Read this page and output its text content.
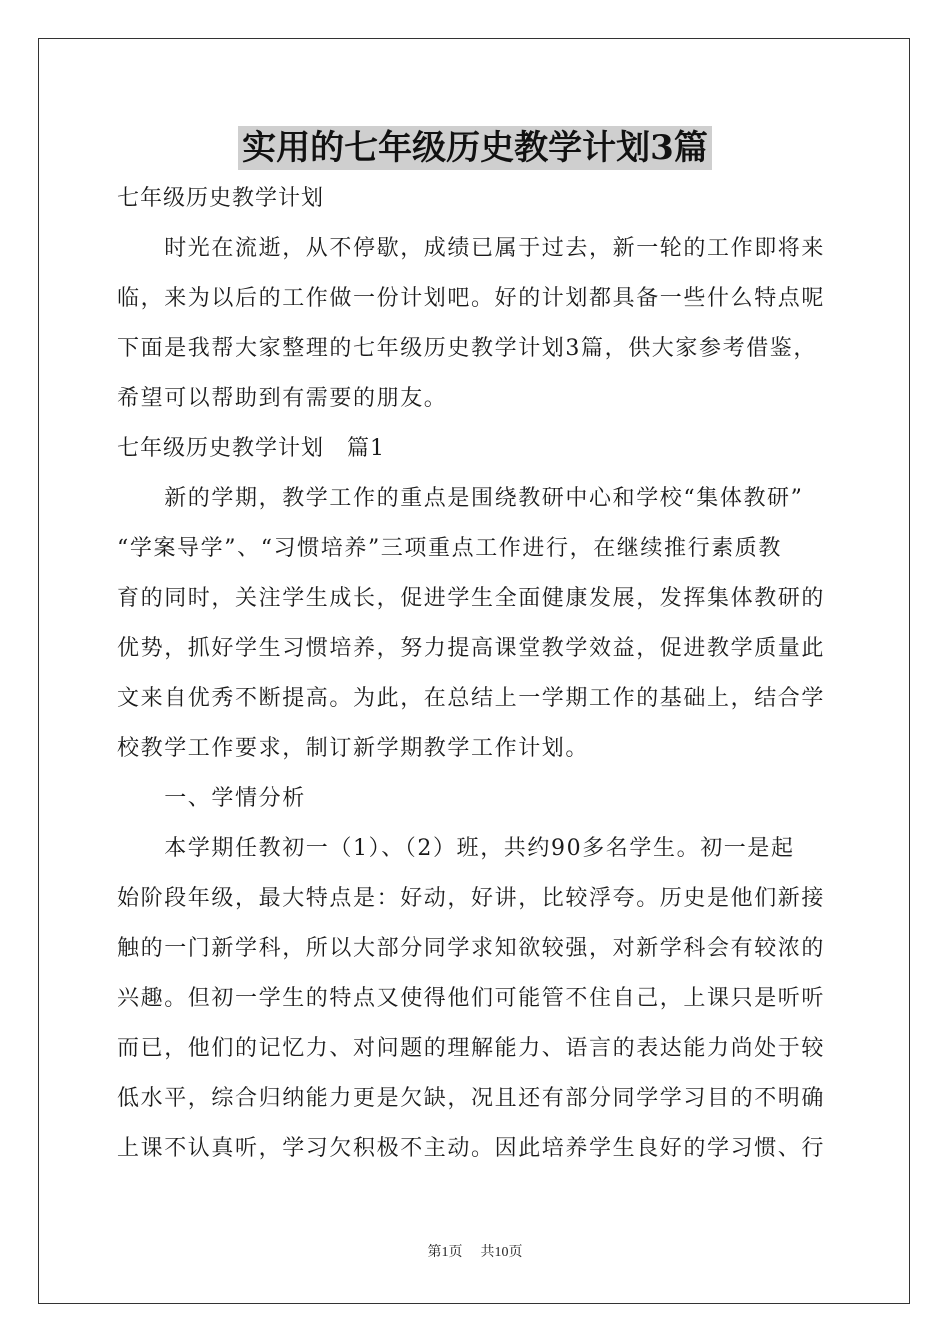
实用的七年级历史教学计划3篇
七年级历史教学计划
　　时光在流逝，从不停歇，成绩已属于过去，新一轮的工作即将来
临，来为以后的工作做一份计划吧。好的计划都具备一些什么特点呢
下面是我帮大家整理的七年级历史教学计划3篇，供大家参考借鉴，
希望可以帮助到有需要的朋友。
七年级历史教学计划　篇1
　　新的学期，教学工作的重点是围绕教研中心和学校“集体教研”
“学案导学”、“习惯培养”三项重点工作进行，在继续推行素质教
育的同时，关注学生成长，促进学生全面健康发展，发挥集体教研的
优势，抓好学生习惯培养，努力提高课堂教学效益，促进教学质量此
文来自优秀不断提高。为此，在总结上一学期工作的基础上，结合学
校教学工作要求，制订新学期教学工作计划。
　　一、学情分析
　　本学期任教初一（1）、（2）班，共约90多名学生。初一是起
始阶段年级，最大特点是：好动，好讲，比较浮夸。历史是他们新接
触的一门新学科，所以大部分同学求知欲较强，对新学科会有较浓的
兴趣。但初一学生的特点又使得他们可能管不住自己，上课只是听听
而已，他们的记忆力、对问题的理解能力、语言的表达能力尚处于较
低水平，综合归纳能力更是欠缺，况且还有部分同学学习目的不明确
上课不认真听，学习欠积极不主动。因此培养学生良好的学习惯、行
第1页 共10页
